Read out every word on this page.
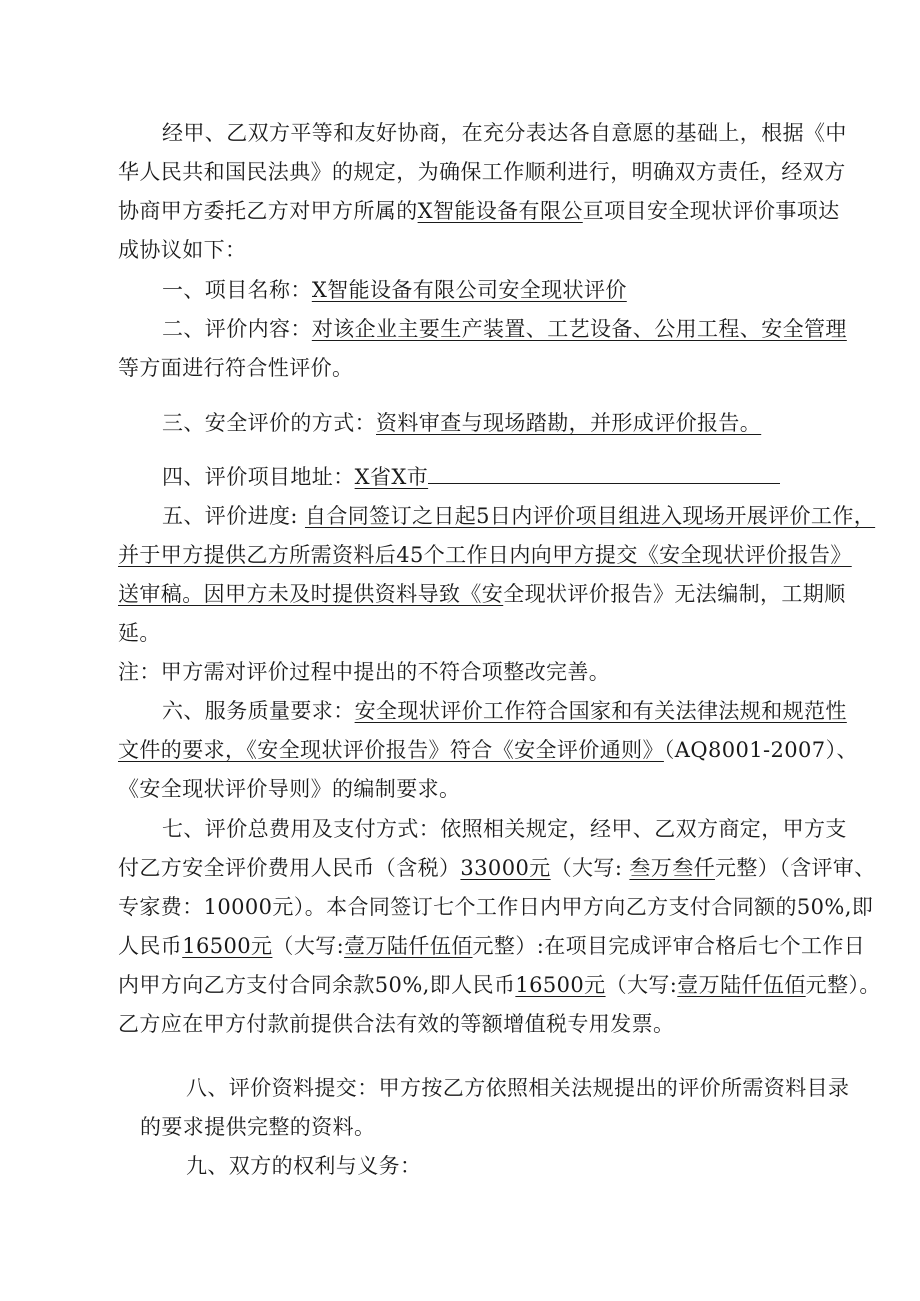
经甲、乙双方平等和友好协商，在充分表达各自意愿的基础上，根据《中
华人民共和国民法典》的规定，为确保工作顺利进行，明确双方责任，经双方
协商甲方委托乙方对甲方所属的X智能设备有限公亘项目安全现状评价事项达
成协议如下：
一、项目名称：X智能设备有限公司安全现状评价
二、评价内容：对该企业主要生产装置、工艺设备、公用工程、安全管理
等方面进行符合性评价。
三、安全评价的方式：资料审查与现场踏勘，并形成评价报告。
四、评价项目地址：X省X市
五、评价进度: 自合同签订之日起5日内评价项目组进入现场开展评价工作，
并于甲方提供乙方所需资料后45个工作日内向甲方提交《安全现状评价报告》
送审稿。因甲方未及时提供资料导致《安全现状评价报告》无法编制，工期顺
延。
注：甲方需对评价过程中提出的不符合项整改完善。
六、服务质量要求：安全现状评价工作符合国家和有关法律法规和规范性
文件的要求，《安全现状评价报告》符合《安全评价通则》（AQ8001-2007）、
《安全现状评价导则》的编制要求。
七、评价总费用及支付方式：依照相关规定，经甲、乙双方商定，甲方支
付乙方安全评价费用人民币（含税）33000元（大写: 叁万叁仟元整）（含评审、
专家费：10000元）。本合同签订七个工作日内甲方向乙方支付合同额的50%,即
人民币16500元（大写:壹万陆仟伍佰元整）:在项目完成评审合格后七个工作日
内甲方向乙方支付合同余款50%,即人民币16500元（大写:壹万陆仟伍佰元整）。
乙方应在甲方付款前提供合法有效的等额增值税专用发票。
八、评价资料提交：甲方按乙方依照相关法规提出的评价所需资料目录
的要求提供完整的资料。
九、双方的权利与义务：
